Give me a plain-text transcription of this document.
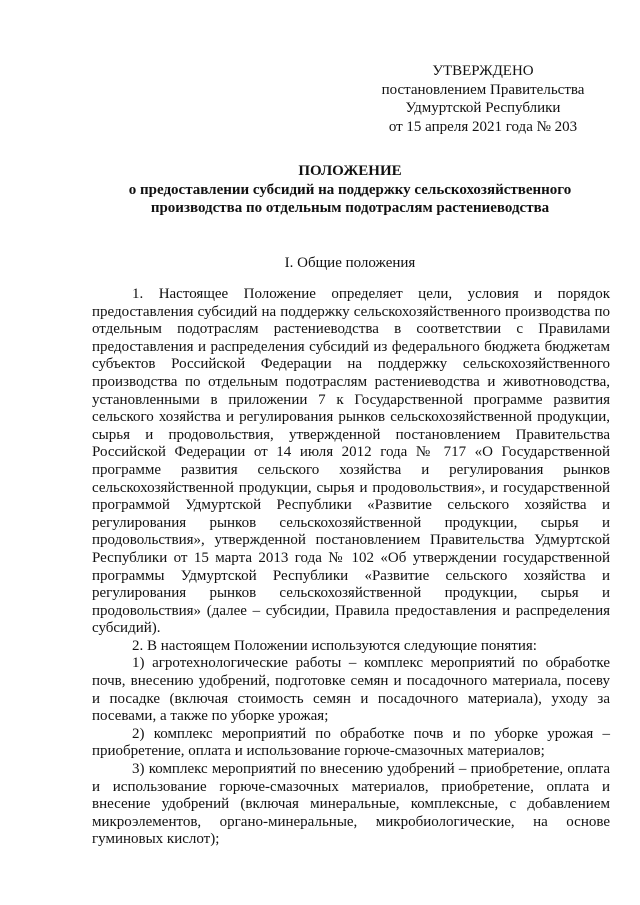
УТВЕРЖДЕНО
постановлением Правительства
Удмуртской Республики
от 15 апреля 2021 года № 203
ПОЛОЖЕНИЕ
о предоставлении субсидий на поддержку сельскохозяйственного
производства по отдельным подотраслям растениеводства
I. Общие положения

1. Настоящее Положение определяет цели, условия и порядок предоставления субсидий на поддержку сельскохозяйственного производства по отдельным подотраслям растениеводства в соответствии с Правилами предоставления и распределения субсидий из федерального бюджета бюджетам субъектов Российской Федерации на поддержку сельскохозяйственного производства по отдельным подотраслям растениеводства и животноводства, установленными в приложении 7 к Государственной программе развития сельского хозяйства и регулирования рынков сельскохозяйственной продукции, сырья и продовольствия, утвержденной постановлением Правительства Российской Федерации от 14 июля 2012 года № 717 «О Государственной программе развития сельского хозяйства и регулирования рынков сельскохозяйственной продукции, сырья и продовольствия», и государственной программой Удмуртской Республики «Развитие сельского хозяйства и регулирования рынков сельскохозяйственной продукции, сырья и продовольствия», утвержденной постановлением Правительства Удмуртской Республики от 15 марта 2013 года № 102 «Об утверждении государственной программы Удмуртской Республики «Развитие сельского хозяйства и регулирования рынков сельскохозяйственной продукции, сырья и продовольствия» (далее – субсидии, Правила предоставления и распределения субсидий).

2. В настоящем Положении используются следующие понятия:

1) агротехнологические работы – комплекс мероприятий по обработке почв, внесению удобрений, подготовке семян и посадочного материала, посеву и посадке (включая стоимость семян и посадочного материала), уходу за посевами, а также по уборке урожая;

2) комплекс мероприятий по обработке почв и по уборке урожая – приобретение, оплата и использование горюче-смазочных материалов;

3) комплекс мероприятий по внесению удобрений – приобретение, оплата и использование горюче-смазочных материалов, приобретение, оплата и внесение удобрений (включая минеральные, комплексные, с добавлением микроэлементов, органо-минеральные, микробиологические, на основе гуминовых кислот);
